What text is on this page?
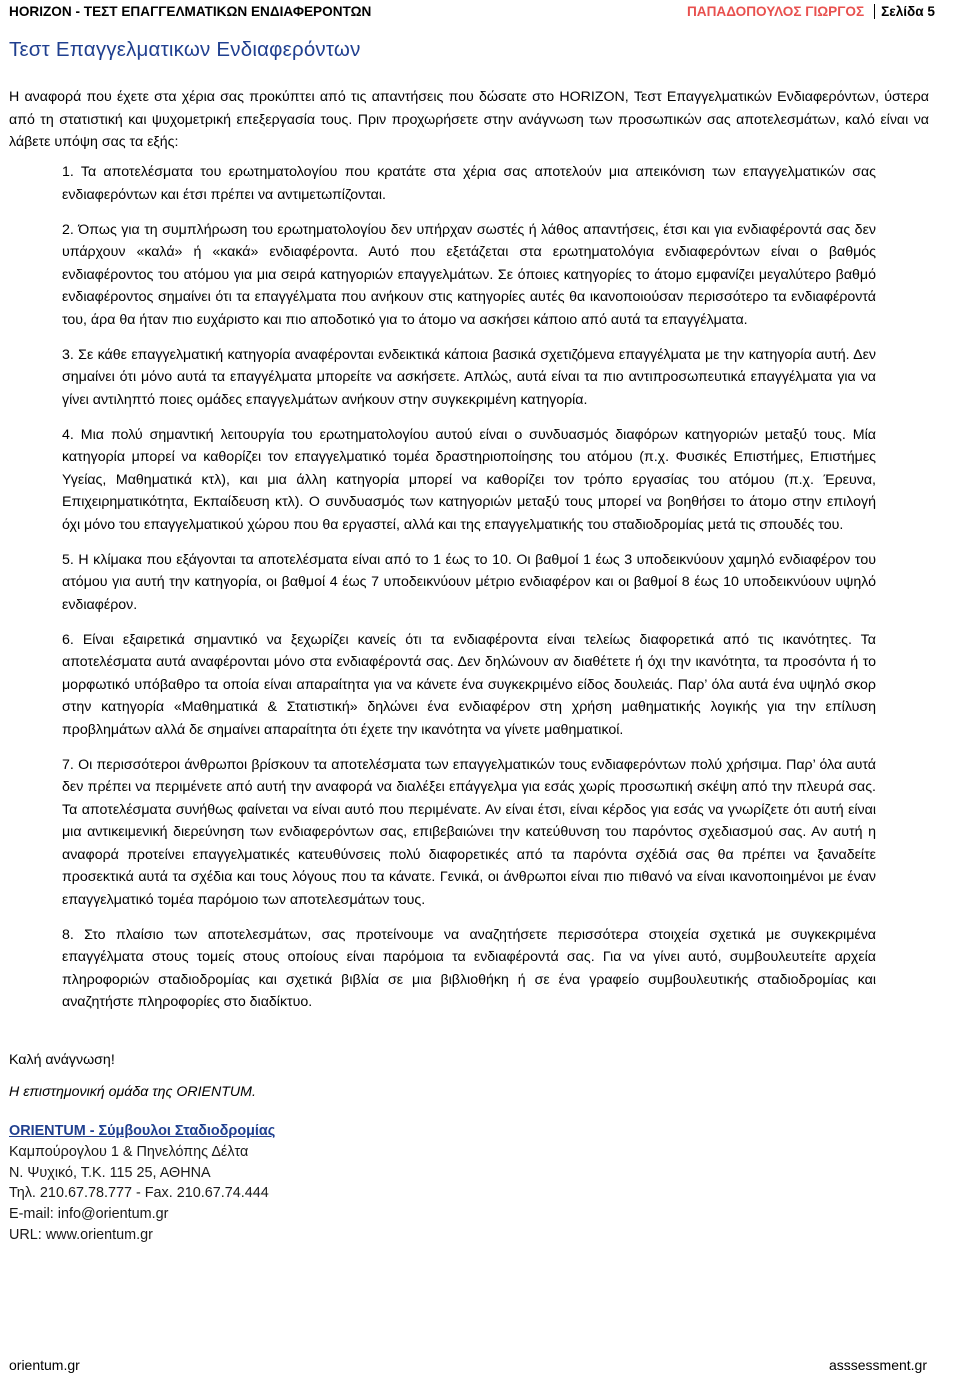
HORIZON - ΤΕΣΤ ΕΠΑΓΓΕΛΜΑΤΙΚΩΝ ΕΝΔΙΑΦΕΡΟΝΤΩΝ	ΠΑΠΑΔΟΠΟΥΛΟΣ ΓΙΩΡΓΟΣ Σελίδα 5
Τεστ Επαγγελματικων Ενδιαφερόντων

Η αναφορά που έχετε στα χέρια σας προκύπτει από τις απαντήσεις που δώσατε στο HORIZON, Τεστ Επαγγελματικών Ενδιαφερόντων, ύστερα από τη στατιστική και ψυχομετρική επεξεργασία τους. Πριν προχωρήσετε στην ανάγνωση των προσωπικών σας αποτελεσμάτων, καλό είναι να λάβετε υπόψη σας τα εξής:

1. Τα αποτελέσματα του ερωτηματολογίου που κρατάτε στα χέρια σας αποτελούν μια απεικόνιση των επαγγελματικών σας ενδιαφερόντων και έτσι πρέπει να αντιμετωπίζονται.
2. Όπως για τη συμπλήρωση του ερωτηματολογίου δεν υπήρχαν σωστές ή λάθος απαντήσεις, έτσι και για ενδιαφέροντά σας δεν υπάρχουν «καλά» ή «κακά» ενδιαφέροντα. Αυτό που εξετάζεται στα ερωτηματολόγια ενδιαφερόντων είναι ο βαθμός ενδιαφέροντος του ατόμου για μια σειρά κατηγοριών επαγγελμάτων. Σε όποιες κατηγορίες το άτομο εμφανίζει μεγαλύτερο βαθμό ενδιαφέροντος σημαίνει ότι τα επαγγέλματα που ανήκουν στις κατηγορίες αυτές θα ικανοποιούσαν περισσότερο τα ενδιαφέροντά του, άρα θα ήταν πιο ευχάριστο και πιο αποδοτικό για το άτομο να ασκήσει κάποιο από αυτά τα επαγγέλματα.
3. Σε κάθε επαγγελματική κατηγορία αναφέρονται ενδεικτικά κάποια βασικά σχετιζόμενα επαγγέλματα με την κατηγορία αυτή. Δεν σημαίνει ότι μόνο αυτά τα επαγγέλματα μπορείτε να ασκήσετε. Απλώς, αυτά είναι τα πιο αντιπροσωπευτικά επαγγέλματα για να γίνει αντιληπτό ποιες ομάδες επαγγελμάτων ανήκουν στην συγκεκριμένη κατηγορία.
4. Μια πολύ σημαντική λειτουργία του ερωτηματολογίου αυτού είναι ο συνδυασμός διαφόρων κατηγοριών μεταξύ τους. Μία κατηγορία μπορεί να καθορίζει τον επαγγελματικό τομέα δραστηριοποίησης του ατόμου (π.χ. Φυσικές Επιστήμες, Επιστήμες Υγείας, Μαθηματικά κτλ), και μια άλλη κατηγορία μπορεί να καθορίζει τον τρόπο εργασίας του ατόμου (π.χ. Έρευνα, Επιχειρηματικότητα, Εκπαίδευση κτλ). Ο συνδυασμός των κατηγοριών μεταξύ τους μπορεί να βοηθήσει το άτομο στην επιλογή όχι μόνο του επαγγελματικού χώρου που θα εργαστεί, αλλά και της επαγγελματικής του σταδιοδρομίας μετά τις σπουδές του.
5. Η κλίμακα που εξάγονται τα αποτελέσματα είναι από το 1 έως το 10. Οι βαθμοί 1 έως 3 υποδεικνύουν χαμηλό ενδιαφέρον του ατόμου για αυτή την κατηγορία, οι βαθμοί 4 έως 7 υποδεικνύουν μέτριο ενδιαφέρον και οι βαθμοί 8 έως 10 υποδεικνύουν υψηλό ενδιαφέρον.
6. Είναι εξαιρετικά σημαντικό να ξεχωρίζει κανείς ότι τα ενδιαφέροντα είναι τελείως διαφορετικά από τις ικανότητες. Τα αποτελέσματα αυτά αναφέρονται μόνο στα ενδιαφέροντά σας. Δεν δηλώνουν αν διαθέτετε ή όχι την ικανότητα, τα προσόντα ή το μορφωτικό υπόβαθρο τα οποία είναι απαραίτητα για να κάνετε ένα συγκεκριμένο είδος δουλειάς. Παρ’ όλα αυτά ένα υψηλό σκορ στην κατηγορία «Μαθηματικά & Στατιστική» δηλώνει ένα ενδιαφέρον στη χρήση μαθηματικής λογικής για την επίλυση προβλημάτων αλλά δε σημαίνει απαραίτητα ότι έχετε την ικανότητα να γίνετε μαθηματικοί.
7. Οι περισσότεροι άνθρωποι βρίσκουν τα αποτελέσματα των επαγγελματικών τους ενδιαφερόντων πολύ χρήσιμα. Παρ’ όλα αυτά δεν πρέπει να περιμένετε από αυτή την αναφορά να διαλέξει επάγγελμα για εσάς χωρίς προσωπική σκέψη από την πλευρά σας. Τα αποτελέσματα συνήθως φαίνεται να είναι αυτό που περιμένατε. Αν είναι έτσι, είναι κέρδος για εσάς να γνωρίζετε ότι αυτή είναι μια αντικειμενική διερεύνηση των ενδιαφερόντων σας, επιβεβαιώνει την κατεύθυνση του παρόντος σχεδιασμού σας. Αν αυτή η αναφορά προτείνει επαγγελματικές κατευθύνσεις πολύ διαφορετικές από τα παρόντα σχέδιά σας θα πρέπει να ξαναδείτε προσεκτικά αυτά τα σχέδια και τους λόγους που τα κάνατε. Γενικά, οι άνθρωποι είναι πιο πιθανό να είναι ικανοποιημένοι με έναν επαγγελματικό τομέα παρόμοιο των αποτελεσμάτων τους.
8. Στο πλαίσιο των αποτελεσμάτων, σας προτείνουμε να αναζητήσετε περισσότερα στοιχεία σχετικά με συγκεκριμένα επαγγέλματα στους τομείς στους οποίους είναι παρόμοια τα ενδιαφέροντά σας. Για να γίνει αυτό, συμβουλευτείτε αρχεία πληροφοριών σταδιοδρομίας και σχετικά βιβλία σε μια βιβλιοθήκη ή σε ένα γραφείο συμβουλευτικής σταδιοδρομίας και αναζητήστε πληροφορίες στο διαδίκτυο.
Καλή ανάγνωση!
Η επιστημονική ομάδα της ORIENTUM.
ORIENTUM - Σύμβουλοι Σταδιοδρομίας
Καμπούρογλου 1 & Πηνελόπης Δέλτα
Ν. Ψυχικό, Τ.Κ. 115 25, ΑΘΗΝΑ
Τηλ. 210.67.78.777 - Fax. 210.67.74.444
E-mail: info@orientum.gr
URL: www.orientum.gr
orientum.gr	asssessment.gr
